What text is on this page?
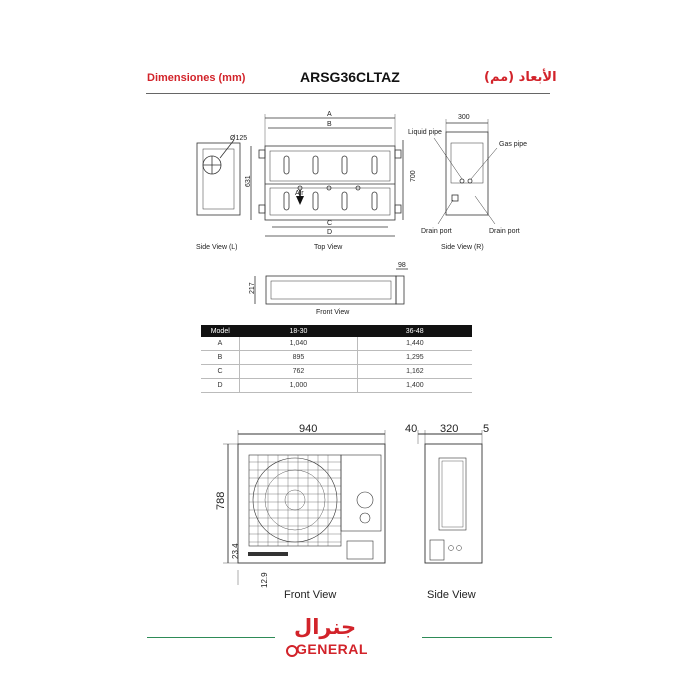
Dimensiones (mm)	ARSG36CLTAZ	الأبعاد (مم)
A
B
C
D
Ø125
631	700
300
98
217
Air
Liquid pipe
Gas pipe
Drain port	Drain port
Side View (L)	Top View	Side View (R)
Front View
Model	18-30	36-48
A	1,040	1,440
B	895	1,295
C	762	1,162
D	1,000	1,400
940
788
40 320 5
Front View	Side View
23.4
12.9
جنرال
GENERAL
